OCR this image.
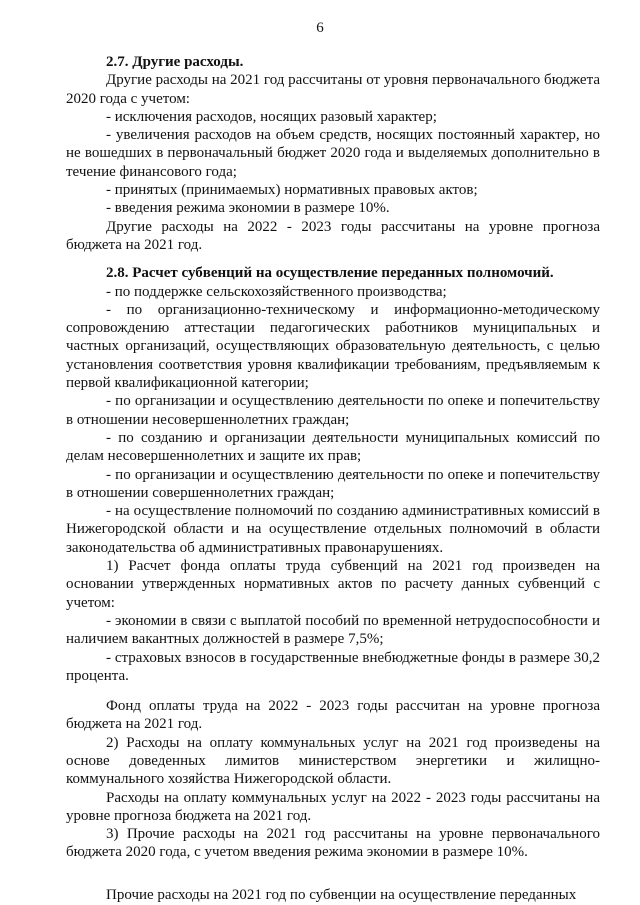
6
2.7. Другие расходы.

Другие расходы на 2021 год рассчитаны от уровня первоначального бюджета 2020 года с учетом:

- исключения расходов, носящих разовый характер;

- увеличения расходов на объем средств, носящих постоянный характер, но не вошедших в первоначальный бюджет 2020 года и выделяемых дополнительно в течение финансового года;

- принятых (принимаемых) нормативных правовых актов;

- введения режима экономии в размере 10%.

Другие расходы на 2022 - 2023 годы рассчитаны на уровне прогноза бюджета на 2021 год.

2.8. Расчет субвенций на осуществление переданных полномочий.

- по поддержке сельскохозяйственного производства;

- по организационно-техническому и информационно-методическому сопровождению аттестации педагогических работников муниципальных и частных организаций, осуществляющих образовательную деятельность, с целью установления соответствия уровня квалификации требованиям, предъявляемым к первой квалификационной категории;

- по организации и осуществлению деятельности по опеке и попечительству в отношении несовершеннолетних граждан;

- по созданию и организации деятельности муниципальных комиссий по делам несовершеннолетних и защите их прав;

- по организации и осуществлению деятельности по опеке и попечительству в отношении совершеннолетних граждан;

- на осуществление полномочий по созданию административных комиссий в Нижегородской области и на осуществление отдельных полномочий в области законодательства об административных правонарушениях.

1) Расчет фонда оплаты труда субвенций на 2021 год произведен на основании утвержденных нормативных актов по расчету данных субвенций с учетом:

- экономии в связи с выплатой пособий по временной нетрудоспособности и наличием вакантных должностей в размере 7,5%;

- страховых взносов в государственные внебюджетные фонды в размере 30,2 процента.

Фонд оплаты труда на 2022 - 2023 годы рассчитан на уровне прогноза бюджета на 2021 год.

2) Расходы на оплату коммунальных услуг на 2021 год произведены на основе доведенных лимитов министерством энергетики и жилищно-коммунального хозяйства Нижегородской области.

Расходы на оплату коммунальных услуг на 2022 - 2023 годы рассчитаны на уровне прогноза бюджета на 2021 год.

3) Прочие расходы на 2021 год рассчитаны на уровне первоначального бюджета 2020 года, с учетом введения режима экономии в размере 10%.

Прочие расходы на 2021 год по субвенции на осуществление переданных
